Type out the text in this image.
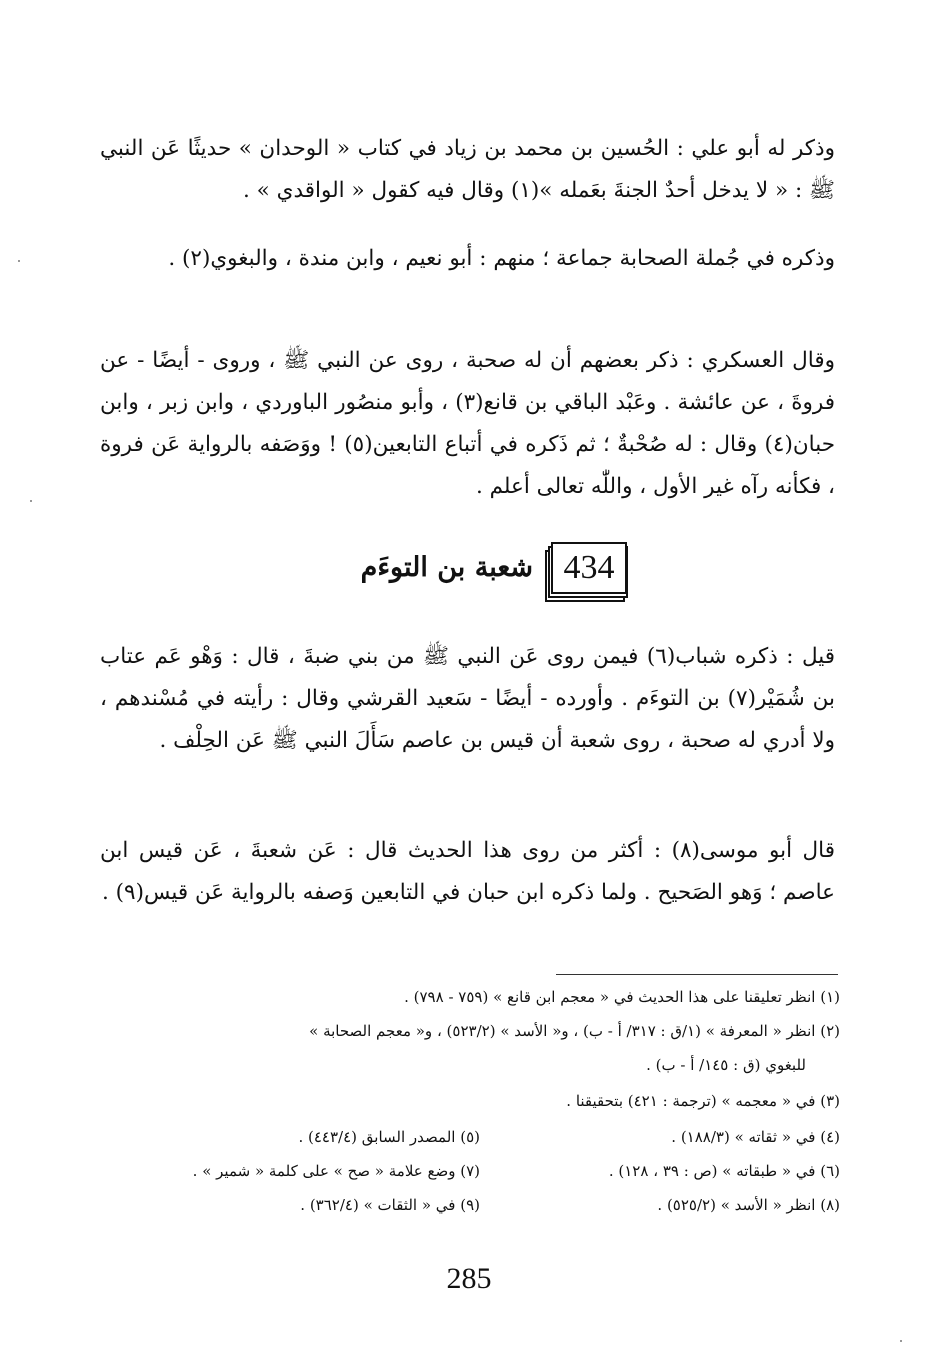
وذكر له أبو علي : الحُسين بن محمد بن زياد في كتاب « الوحدان » حديثًا عَن النبي ﷺ : « لا يدخل أحدٌ الجنةَ بعَمله »(١) وقال فيه كقول « الواقدي » .
وذكره في جُملة الصحابة جماعة ؛ منهم : أبو نعيم ، وابن مندة ، والبغوي(٢) .
وقال العسكري : ذكر بعضهم أن له صحبة ، روى عن النبي ﷺ ، وروى - أيضًا - عن فروةَ ، عن عائشة . وعَبْد الباقي بن قانع(٣) ، وأبو منصُور الباوردي ، وابن زبر ، وابن حبان(٤) وقال : له صُحْبةٌ ؛ ثم ذَكره في أتباع التابعين(٥) ! ووَصَفه بالرواية عَن فروة ، فكأنه رآه غير الأول ، واللّٰه تعالى أعلم .
434
شعبة بن التوءَم
قيل : ذكره شباب(٦) فيمن روى عَن النبي ﷺ من بني ضبةَ ، قال : وَهْو عَم عتاب بن شُمَيْر(٧) بن التوءَم . وأورده - أيضًا - سَعيد القرشي وقال : رأيته في مُسْندهم ، ولا أدري له صحبة ، روى شعبة أن قيس بن عاصم سَأَلَ النبي ﷺ عَن الحِلْف .
قال أبو موسى(٨) : أكثر من روى هذا الحديث قال : عَن شعبةَ ، عَن قيس ابن عاصم ؛ وَهو الصَحيح . ولما ذكره ابن حبان في التابعين وَصفه بالرواية عَن قيس(٩) .
(١) انظر تعليقنا على هذا الحديث في « معجم ابن قانع » (٧٥٩ - ٧٩٨) .
(٢) انظر « المعرفة » (١/ق : ٣١٧/ أ - ب) ، و« الأسد » (٥٢٣/٢) ، و« معجم الصحابة »
للبغوي (ق : ١٤٥/ أ - ب) .
(٣) في « معجمه » (ترجمة : ٤٢١) بتحقيقنا .
(٤) في « ثقاته » (١٨٨/٣) .
(٥) المصدر السابق (٤٤٣/٤) .
(٦) في « طبقاته » (ص : ٣٩ ، ١٢٨) .
(٧) وضع علامة « صح » على كلمة « شمير » .
(٨) انظر « الأسد » (٥٢٥/٢) .
(٩) في « الثقات » (٣٦٢/٤) .
285
